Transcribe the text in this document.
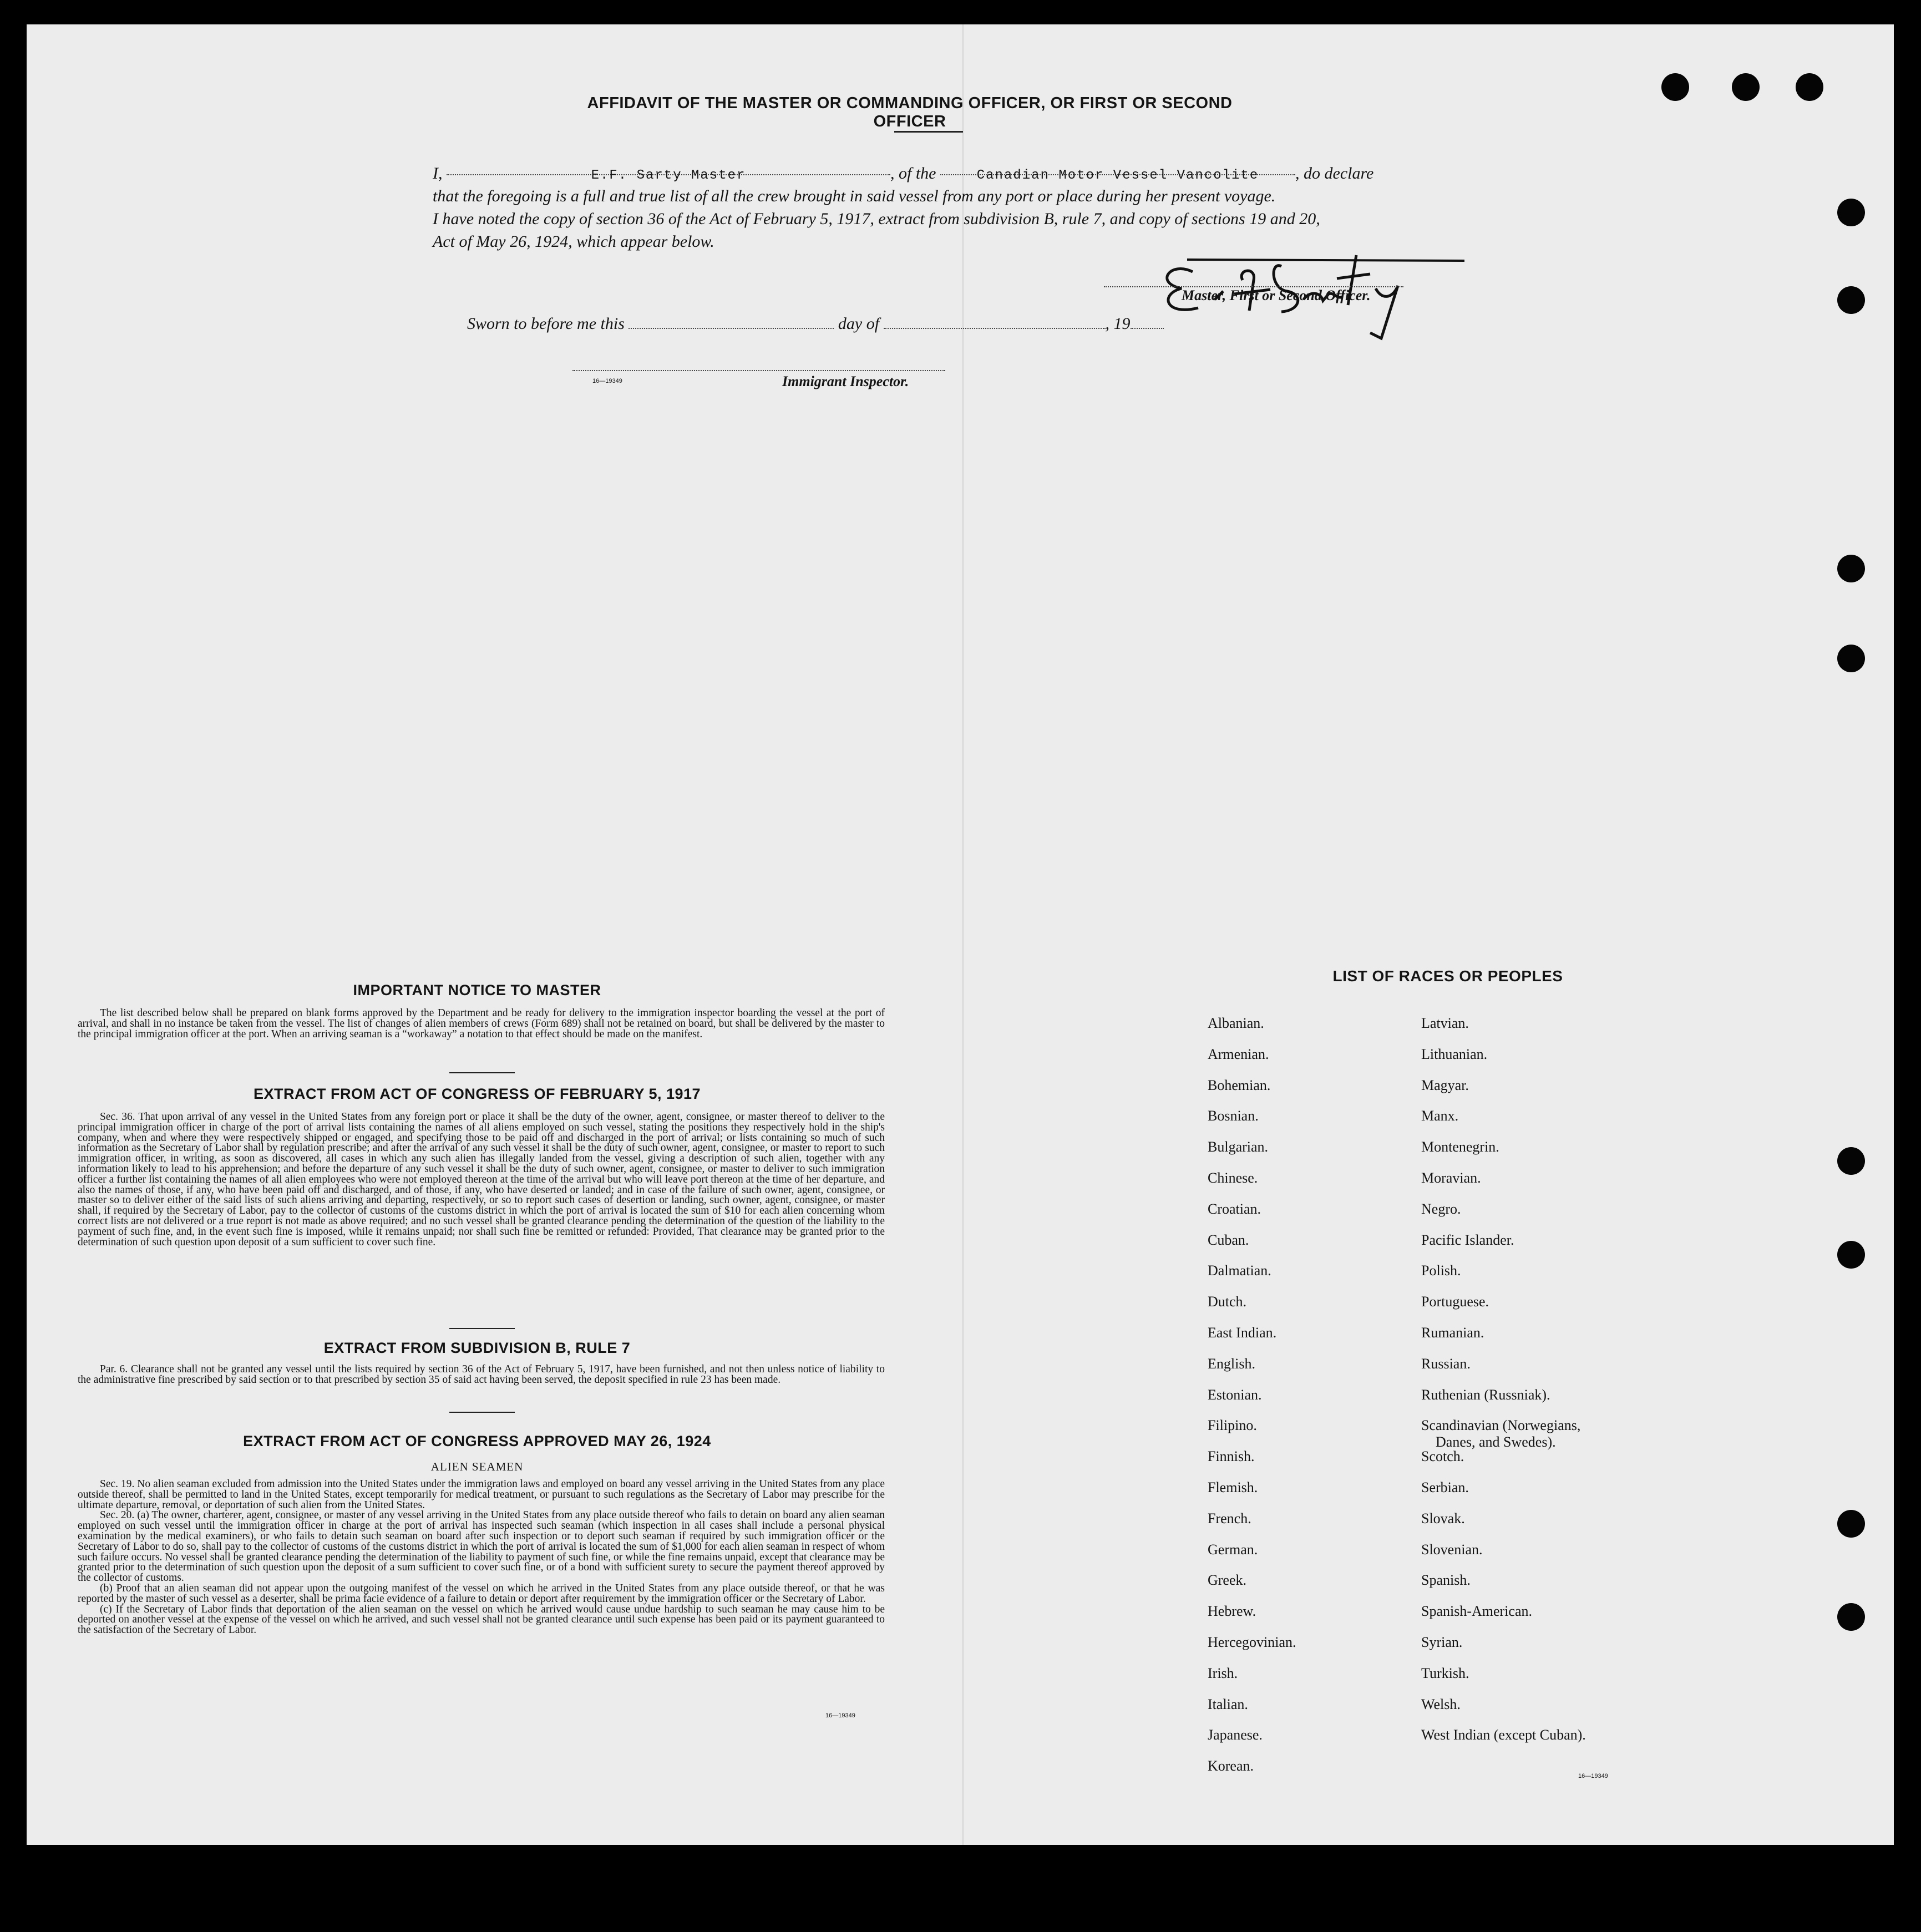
AFFIDAVIT OF THE MASTER OR COMMANDING OFFICER, OR FIRST OR SECOND OFFICER
I,	E.F. Sarty Master	, of the	Canadian Motor Vessel Vancolite , do declare
that the foregoing is a full and true list of all the crew brought in said vessel from any port or place during her present voyage.
I have noted the copy of section 36 of the Act of February 5, 1917, extract from subdivision B, rule 7, and copy of sections 19 and 20,
Act of May 26, 1924, which appear below.
Master, First or Second Officer.
Sworn to before me this	day of	, 19
16—19349	Immigrant Inspector.
IMPORTANT NOTICE TO MASTER
The list described below shall be prepared on blank forms approved by the Department and be ready for delivery to the immigration inspector boarding the vessel at the port of arrival, and shall in no instance be taken from the vessel. The list of changes of alien members of crews (Form 689) shall not be retained on board, but shall be delivered by the master to the principal immigration officer at the port. When an arriving seaman is a “workaway” a notation to that effect should be made on the manifest.
EXTRACT FROM ACT OF CONGRESS OF FEBRUARY 5, 1917
Sec. 36. That upon arrival of any vessel in the United States from any foreign port or place it shall be the duty of the owner, agent, consignee, or master thereof to deliver to the principal immigration officer in charge of the port of arrival lists containing the names of all aliens employed on such vessel, stating the positions they respectively hold in the ship's company, when and where they were respectively shipped or engaged, and specifying those to be paid off and discharged in the port of arrival; or lists containing so much of such information as the Secretary of Labor shall by regulation prescribe; and after the arrival of any such vessel it shall be the duty of such owner, agent, consignee, or master to report to such immigration officer, in writing, as soon as discovered, all cases in which any such alien has illegally landed from the vessel, giving a description of such alien, together with any information likely to lead to his apprehension; and before the departure of any such vessel it shall be the duty of such owner, agent, consignee, or master to deliver to such immigration officer a further list containing the names of all alien employees who were not employed thereon at the time of the arrival but who will leave port thereon at the time of her departure, and also the names of those, if any, who have been paid off and discharged, and of those, if any, who have deserted or landed; and in case of the failure of such owner, agent, consignee, or master so to deliver either of the said lists of such aliens arriving and departing, respectively, or so to report such cases of desertion or landing, such owner, agent, consignee, or master shall, if required by the Secretary of Labor, pay to the collector of customs of the customs district in which the port of arrival is located the sum of $10 for each alien concerning whom correct lists are not delivered or a true report is not made as above required; and no such vessel shall be granted clearance pending the determination of the question of the liability to the payment of such fine, and, in the event such fine is imposed, while it remains unpaid; nor shall such fine be remitted or refunded: Provided, That clearance may be granted prior to the determination of such question upon deposit of a sum sufficient to cover such fine.
EXTRACT FROM SUBDIVISION B, RULE 7
Par. 6. Clearance shall not be granted any vessel until the lists required by section 36 of the Act of February 5, 1917, have been furnished, and not then unless notice of liability to the administrative fine prescribed by said section or to that prescribed by section 35 of said act having been served, the deposit specified in rule 23 has been made.
EXTRACT FROM ACT OF CONGRESS APPROVED MAY 26, 1924
ALIEN SEAMEN

Sec. 19. No alien seaman excluded from admission into the United States under the immigration laws and employed on board any vessel arriving in the United States from any place outside thereof, shall be permitted to land in the United States, except temporarily for medical treatment, or pursuant to such regulations as the Secretary of Labor may prescribe for the ultimate departure, removal, or deportation of such alien from the United States.

Sec. 20. (a) The owner, charterer, agent, consignee, or master of any vessel arriving in the United States from any place outside thereof who fails to detain on board any alien seaman employed on such vessel until the immigration officer in charge at the port of arrival has inspected such seaman (which inspection in all cases shall include a personal physical examination by the medical examiners), or who fails to detain such seaman on board after such inspection or to deport such seaman if required by such immigration officer or the Secretary of Labor to do so, shall pay to the collector of customs of the customs district in which the port of arrival is located the sum of $1,000 for each alien seaman in respect of whom such failure occurs. No vessel shall be granted clearance pending the determination of the liability to payment of such fine, or while the fine remains unpaid, except that clearance may be granted prior to the determination of such question upon the deposit of a sum sufficient to cover such fine, or of a bond with sufficient surety to secure the payment thereof approved by the collector of customs.

(b) Proof that an alien seaman did not appear upon the outgoing manifest of the vessel on which he arrived in the United States from any place outside thereof, or that he was reported by the master of such vessel as a deserter, shall be prima facie evidence of a failure to detain or deport after requirement by the immigration officer or the Secretary of Labor.

(c) If the Secretary of Labor finds that deportation of the alien seaman on the vessel on which he arrived would cause undue hardship to such seaman he may cause him to be deported on another vessel at the expense of the vessel on which he arrived, and such vessel shall not be granted clearance until such expense has been paid or its payment guaranteed to the satisfaction of the Secretary of Labor.

16—19349
LIST OF RACES OR PEOPLES
Albanian.
Armenian.
Bohemian.
Bosnian.
Bulgarian.
Chinese.
Croatian.
Cuban.
Dalmatian.
Dutch.
East Indian.
English.
Estonian.
Filipino.
Finnish.
Flemish.
French.
German.
Greek.
Hebrew.
Hercegovinian.
Irish.
Italian.
Japanese.
Korean.
Latvian.
Lithuanian.
Magyar.
Manx.
Montenegrin.
Moravian.
Negro.
Pacific Islander.
Polish.
Portuguese.
Rumanian.
Russian.
Ruthenian (Russniak).
Scandinavian (Norwegians,
Danes, and Swedes).
Scotch.
Serbian.
Slovak.
Slovenian.
Spanish.
Spanish-American.
Syrian.
Turkish.
Welsh.
West Indian (except Cuban).
16—19349
